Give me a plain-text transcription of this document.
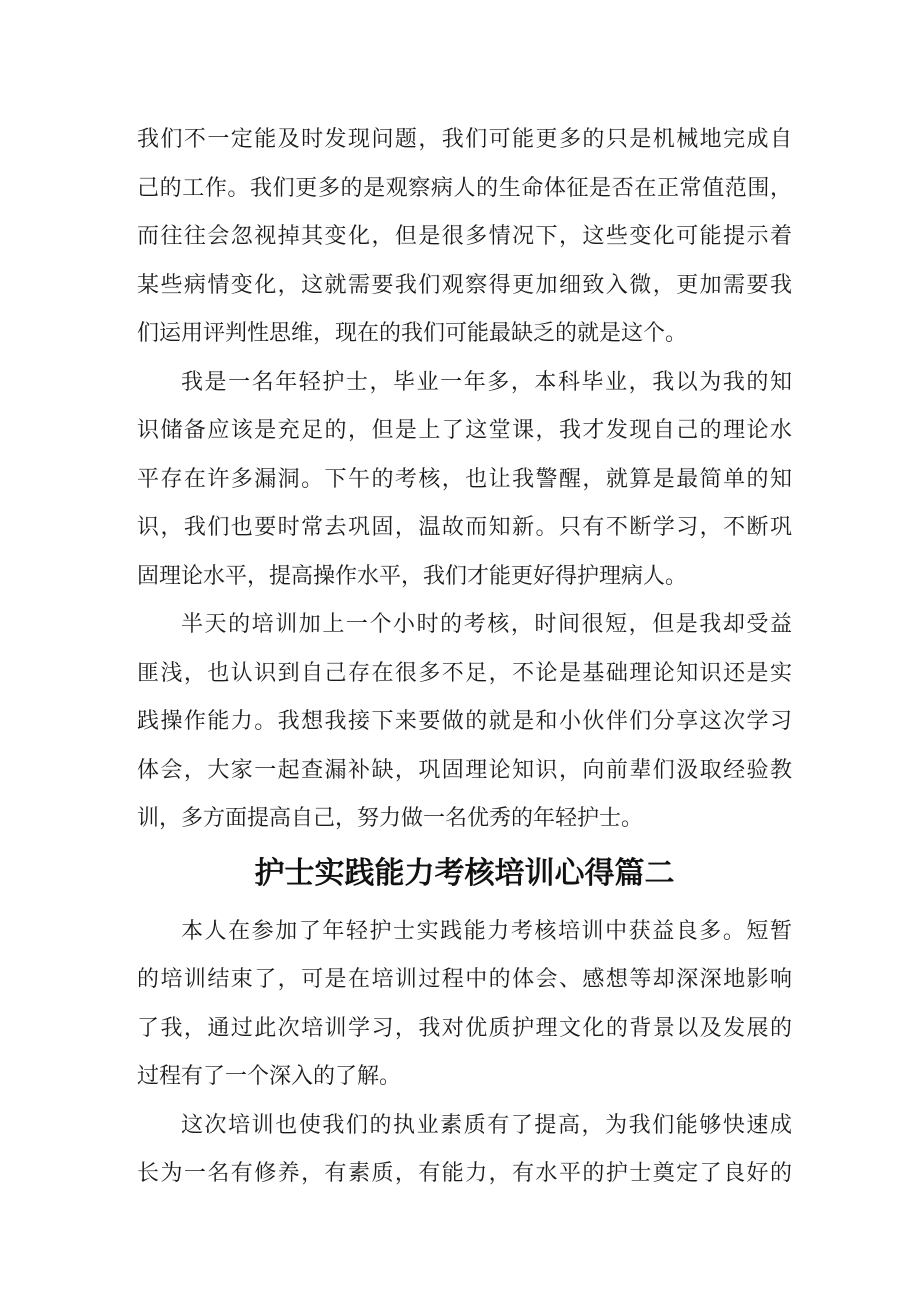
我们不一定能及时发现问题，我们可能更多的只是机械地完成自
己的工作。我们更多的是观察病人的生命体征是否在正常值范围，
而往往会忽视掉其变化，但是很多情况下，这些变化可能提示着
某些病情变化，这就需要我们观察得更加细致入微，更加需要我
们运用评判性思维，现在的我们可能最缺乏的就是这个。
我是一名年轻护士，毕业一年多，本科毕业，我以为我的知
识储备应该是充足的，但是上了这堂课，我才发现自己的理论水
平存在许多漏洞。下午的考核，也让我警醒，就算是最简单的知
识，我们也要时常去巩固，温故而知新。只有不断学习，不断巩
固理论水平，提高操作水平，我们才能更好得护理病人。
半天的培训加上一个小时的考核，时间很短，但是我却受益
匪浅，也认识到自己存在很多不足，不论是基础理论知识还是实
践操作能力。我想我接下来要做的就是和小伙伴们分享这次学习
体会，大家一起查漏补缺，巩固理论知识，向前辈们汲取经验教
训，多方面提高自己，努力做一名优秀的年轻护士。
护士实践能力考核培训心得篇二
本人在参加了年轻护士实践能力考核培训中获益良多。短暂
的培训结束了，可是在培训过程中的体会、感想等却深深地影响
了我，通过此次培训学习，我对优质护理文化的背景以及发展的
过程有了一个深入的了解。
这次培训也使我们的执业素质有了提高，为我们能够快速成
长为一名有修养，有素质，有能力，有水平的护士奠定了良好的
